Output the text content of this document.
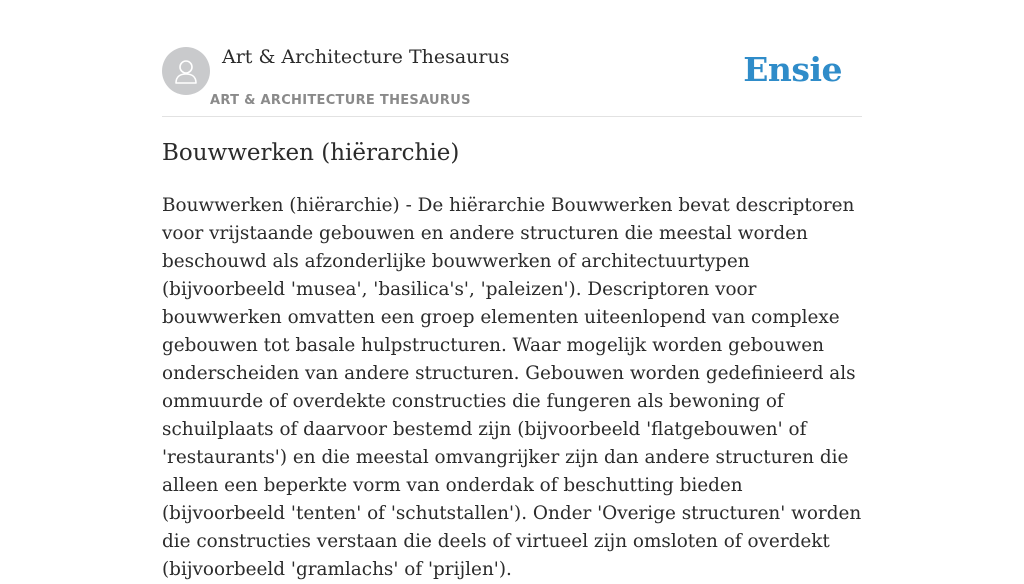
Art & Architecture Thesaurus
ART & ARCHITECTURE THESAURUS
Ensie
Bouwwerken (hiërarchie)

Bouwwerken (hiërarchie) - De hiërarchie Bouwwerken bevat descriptoren voor vrijstaande gebouwen en andere structuren die meestal worden beschouwd als afzonderlijke bouwwerken of architectuurtypen (bijvoorbeeld 'musea', 'basilica's', 'paleizen'). Descriptoren voor bouwwerken omvatten een groep elementen uiteenlopend van complexe gebouwen tot basale hulpstructuren. Waar mogelijk worden gebouwen onderscheiden van andere structuren. Gebouwen worden gedefinieerd als ommuurde of overdekte constructies die fungeren als bewoning of schuilplaats of daarvoor bestemd zijn (bijvoorbeeld 'flatgebouwen' of 'restaurants') en die meestal omvangrijker zijn dan andere structuren die alleen een beperkte vorm van onderdak of beschutting bieden (bijvoorbeeld 'tenten' of 'schutstallen'). Onder 'Overige structuren' worden die constructies verstaan die deels of virtueel zijn omsloten of overdekt (bijvoorbeeld 'gramlachs' of 'prijlen').
